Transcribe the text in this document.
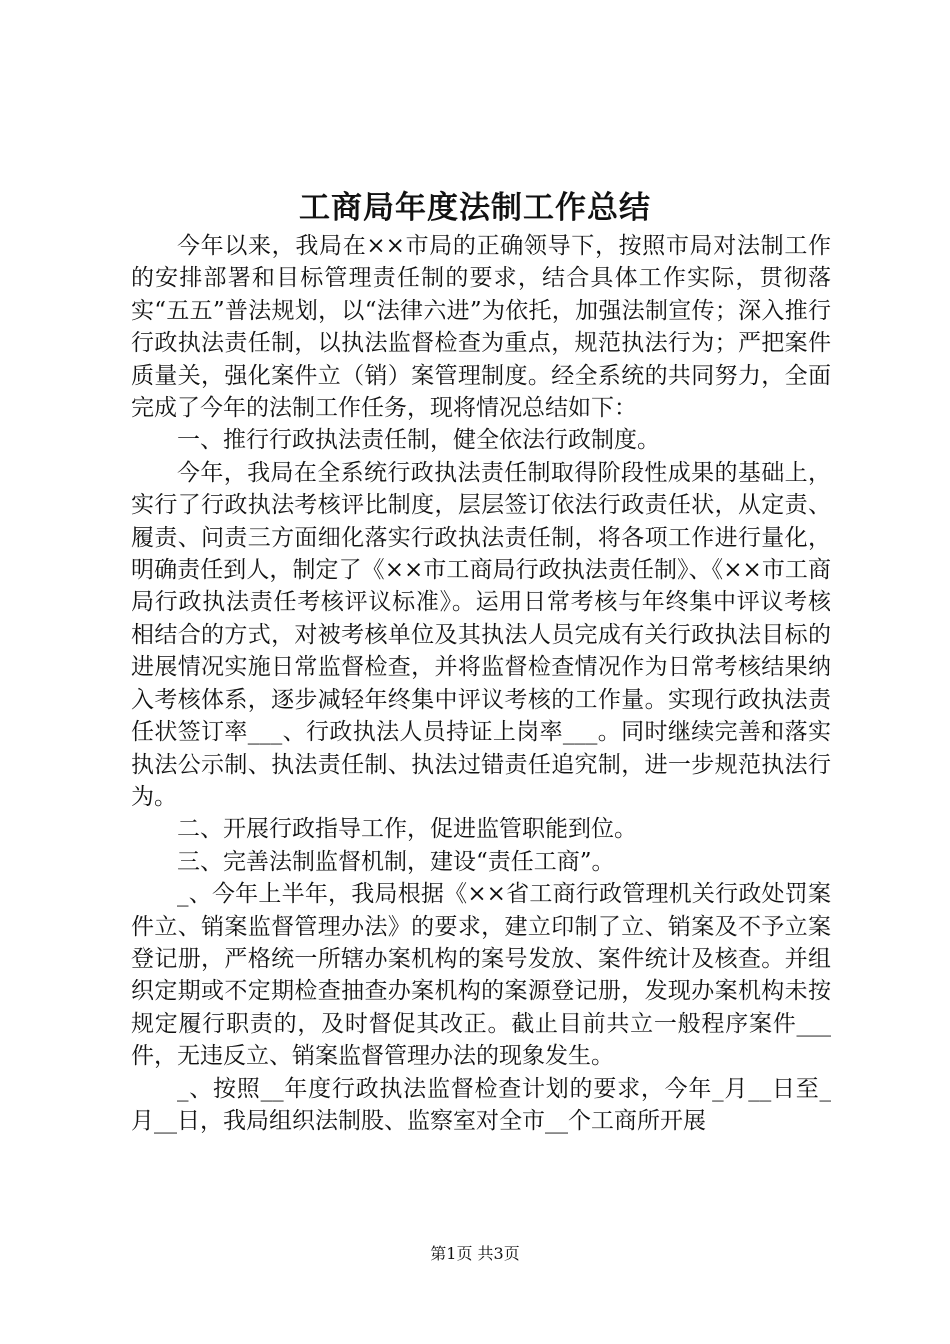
工商局年度法制工作总结

今年以来，我局在××市局的正确领导下，按照市局对法制工作的安排部署和目标管理责任制的要求，结合具体工作实际，贯彻落实“五五”普法规划，以“法律六进”为依托，加强法制宣传；深入推行行政执法责任制，以执法监督检查为重点，规范执法行为；严把案件质量关，强化案件立（销）案管理制度。经全系统的共同努力，全面完成了今年的法制工作任务，现将情况总结如下：

一、推行行政执法责任制，健全依法行政制度。

今年，我局在全系统行政执法责任制取得阶段性成果的基础上，实行了行政执法考核评比制度，层层签订依法行政责任状，从定责、履责、问责三方面细化落实行政执法责任制，将各项工作进行量化，明确责任到人，制定了《××市工商局行政执法责任制》、《××市工商局行政执法责任考核评议标准》。运用日常考核与年终集中评议考核相结合的方式，对被考核单位及其执法人员完成有关行政执法目标的进展情况实施日常监督检查，并将监督检查情况作为日常考核结果纳入考核体系，逐步减轻年终集中评议考核的工作量。实现行政执法责任状签订率___、行政执法人员持证上岗率___。同时继续完善和落实执法公示制、执法责任制、执法过错责任追究制，进一步规范执法行为。

二、开展行政指导工作，促进监管职能到位。

三、完善法制监督机制，建设“责任工商”。

_、今年上半年，我局根据《××省工商行政管理机关行政处罚案件立、销案监督管理办法》的要求，建立印制了立、销案及不予立案登记册，严格统一所辖办案机构的案号发放、案件统计及核查。并组织定期或不定期检查抽查办案机构的案源登记册，发现办案机构未按规定履行职责的，及时督促其改正。截止目前共立一般程序案件___件，无违反立、销案监督管理办法的现象发生。

_、按照__年度行政执法监督检查计划的要求，今年_月__日至_月__日，我局组织法制股、监察室对全市__个工商所开展

第1页 共3页
